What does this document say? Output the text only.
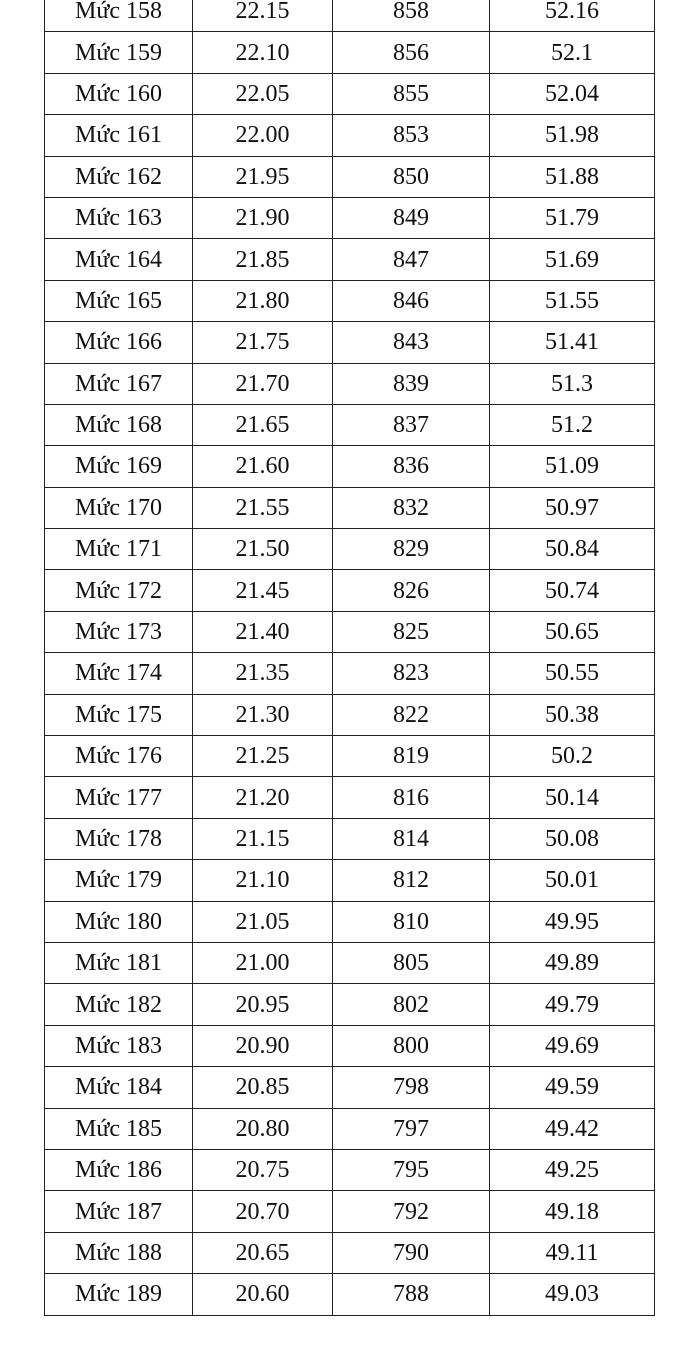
Mức 158	22.15	858	52.16
Mức 159	22.10	856	52.1
Mức 160	22.05	855	52.04
Mức 161	22.00	853	51.98
Mức 162	21.95	850	51.88
Mức 163	21.90	849	51.79
Mức 164	21.85	847	51.69
Mức 165	21.80	846	51.55
Mức 166	21.75	843	51.41
Mức 167	21.70	839	51.3
Mức 168	21.65	837	51.2
Mức 169	21.60	836	51.09
Mức 170	21.55	832	50.97
Mức 171	21.50	829	50.84
Mức 172	21.45	826	50.74
Mức 173	21.40	825	50.65
Mức 174	21.35	823	50.55
Mức 175	21.30	822	50.38
Mức 176	21.25	819	50.2
Mức 177	21.20	816	50.14
Mức 178	21.15	814	50.08
Mức 179	21.10	812	50.01
Mức 180	21.05	810	49.95
Mức 181	21.00	805	49.89
Mức 182	20.95	802	49.79
Mức 183	20.90	800	49.69
Mức 184	20.85	798	49.59
Mức 185	20.80	797	49.42
Mức 186	20.75	795	49.25
Mức 187	20.70	792	49.18
Mức 188	20.65	790	49.11
Mức 189	20.60	788	49.03
